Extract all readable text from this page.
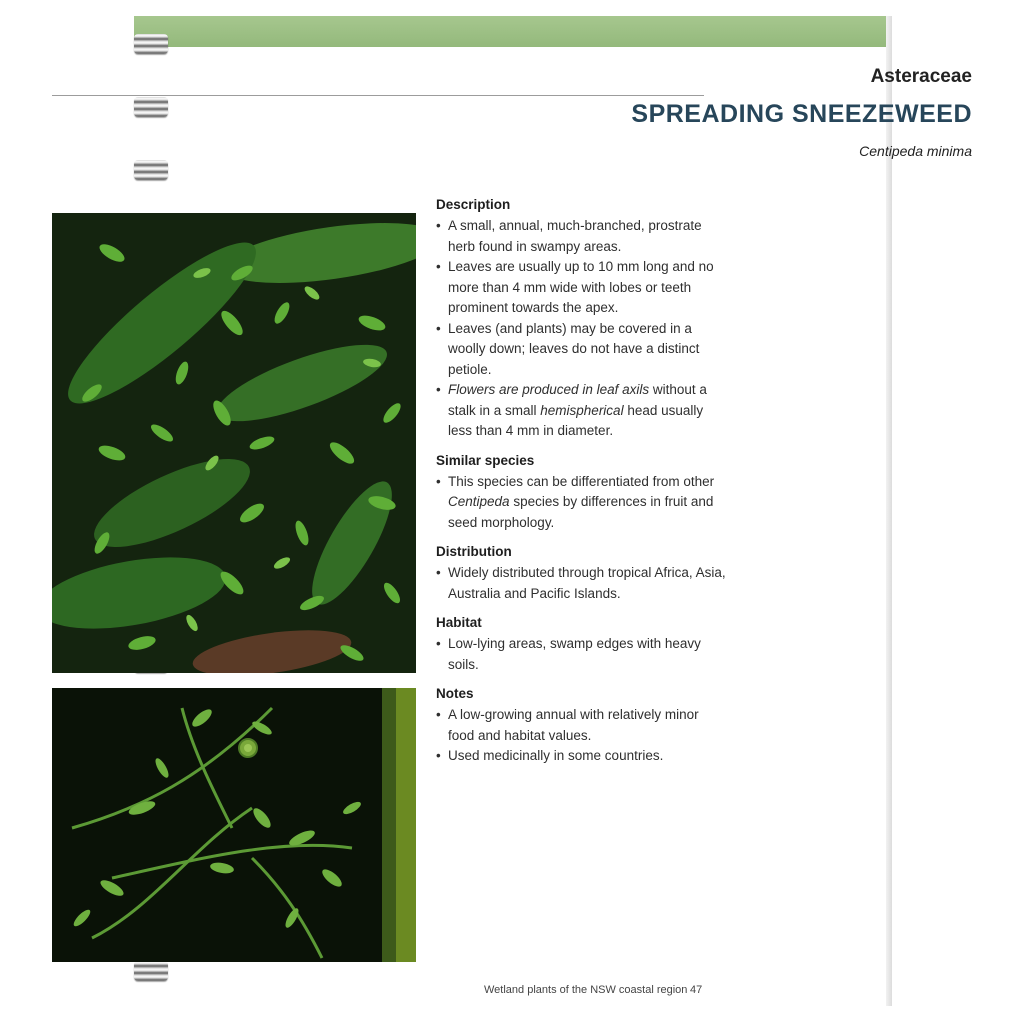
Asteraceae
SPREADING SNEEZEWEED
Centipeda minima
Description
• A small, annual, much-branched, prostrate herb found in swampy areas.
• Leaves are usually up to 10 mm long and no more than 4 mm wide with lobes or teeth prominent towards the apex.
• Leaves (and plants) may be covered in a woolly down; leaves do not have a distinct petiole.
• Flowers are produced in leaf axils without a stalk in a small hemispherical head usually less than 4 mm in diameter.
Similar species
• This species can be differentiated from other Centipeda species by differences in fruit and seed morphology.
Distribution
• Widely distributed through tropical Africa, Asia, Australia and Pacific Islands.
Habitat
• Low-lying areas, swamp edges with heavy soils.
Notes
• A low-growing annual with relatively minor food and habitat values.
• Used medicinally in some countries.
Wetland plants of the NSW coastal region 47
